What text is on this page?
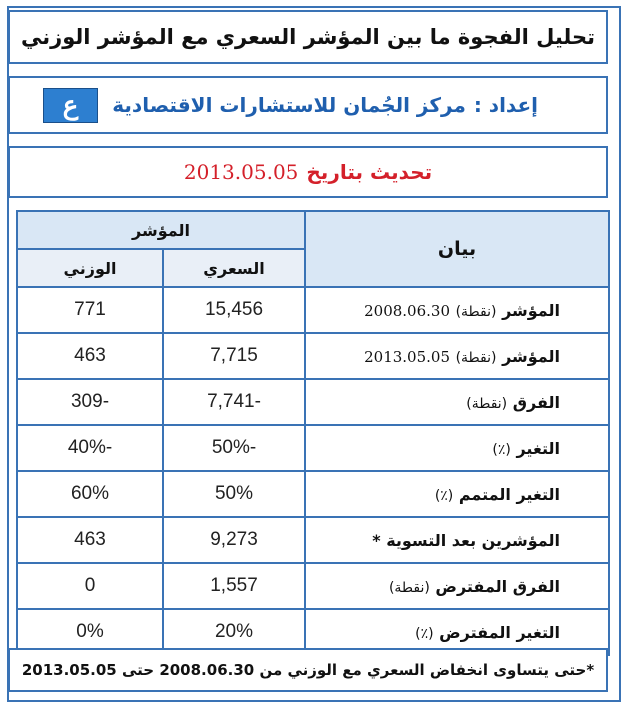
تحليل الفجوة ما بين المؤشر السعري مع المؤشر الوزني
إعداد :
مركز الجُمان للاستشارات الاقتصادية
ع
تحديث بتاريخ
2013.05.05
بيان	المؤشر	
	السعري	الوزني
المؤشر (نقطة) 2008.06.30	15,456	771
المؤشر (نقطة) 2013.05.05	7,715	463
الفرق (نقطة)	-7,741	-309
التغير (٪)	-50%	-40%
التغير المتمم (٪)	50%	60%
المؤشرين بعد التسوية *	9,273	463
الفرق المفترض (نقطة)	1,557	0
التغير المفترض (٪)	20%	0%
*حتى يتساوى انخفاض السعري مع الوزني من 2008.06.30 حتى 2013.05.05
